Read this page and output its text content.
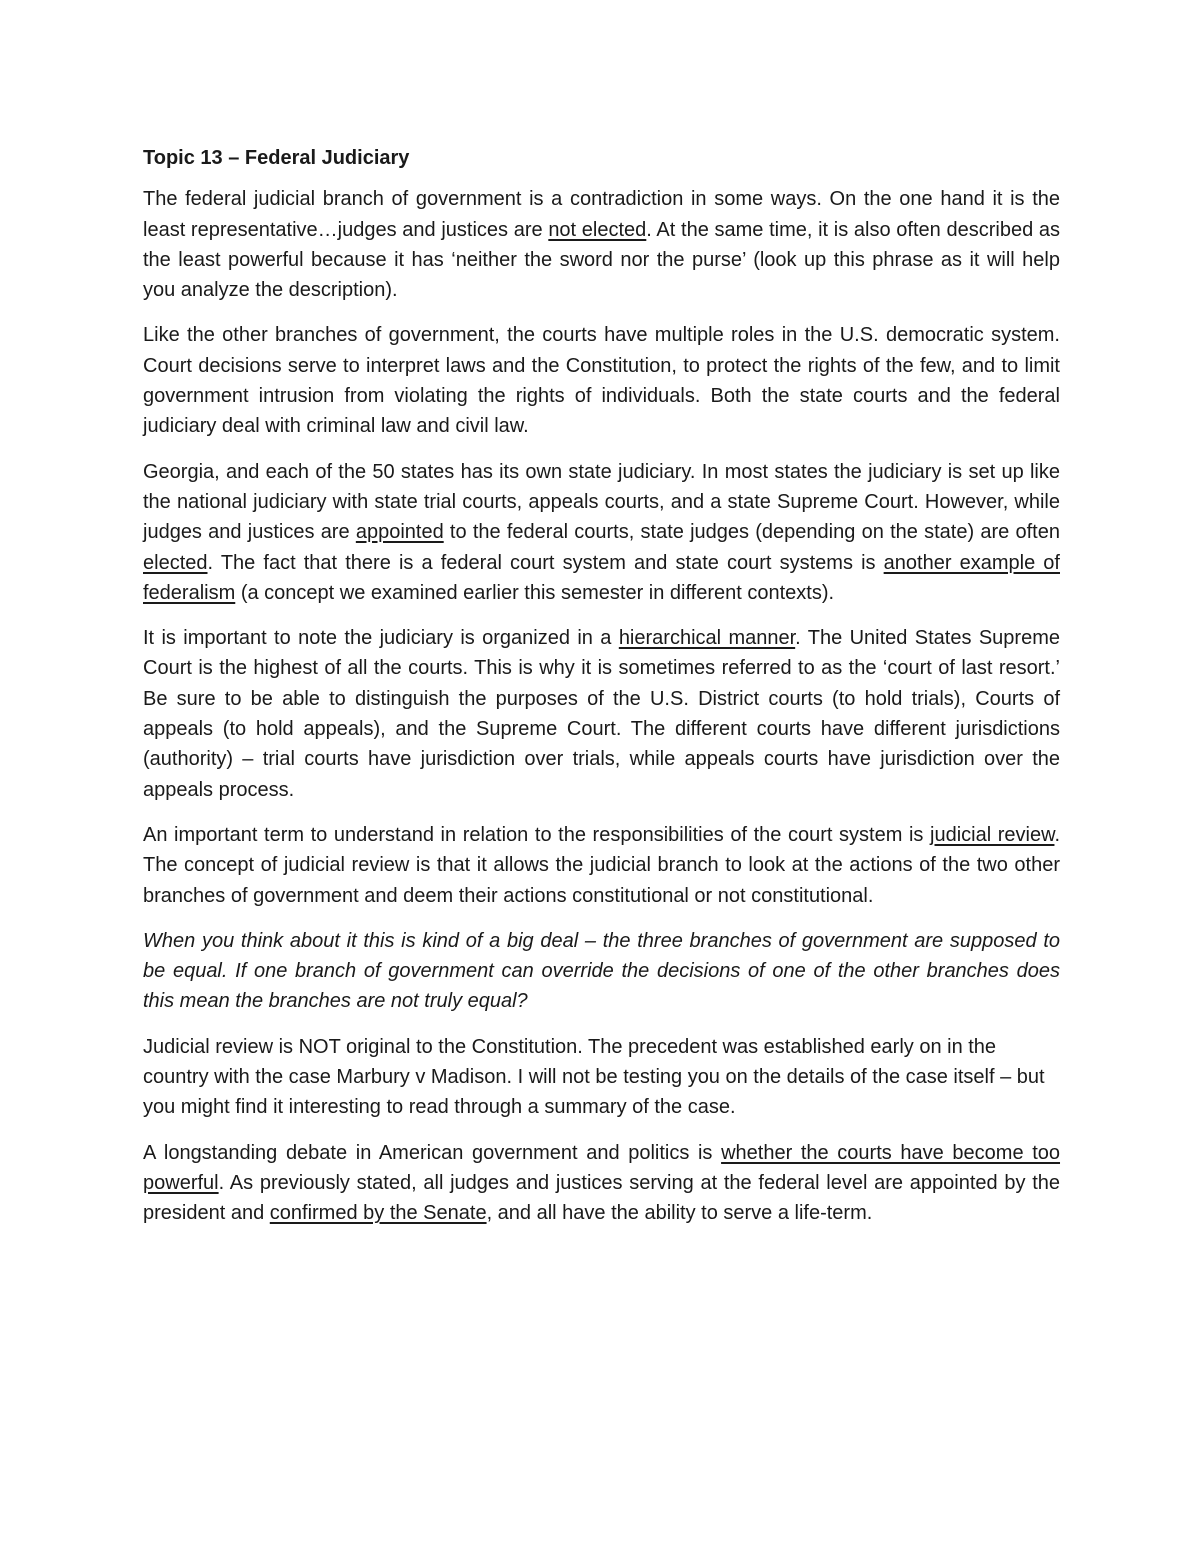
Topic 13 – Federal Judiciary

The federal judicial branch of government is a contradiction in some ways. On the one hand it is the least representative…judges and justices are not elected. At the same time, it is also often described as the least powerful because it has ‘neither the sword nor the purse’ (look up this phrase as it will help you analyze the description).

Like the other branches of government, the courts have multiple roles in the U.S. democratic system. Court decisions serve to interpret laws and the Constitution, to protect the rights of the few, and to limit government intrusion from violating the rights of individuals. Both the state courts and the federal judiciary deal with criminal law and civil law.

Georgia, and each of the 50 states has its own state judiciary. In most states the judiciary is set up like the national judiciary with state trial courts, appeals courts, and a state Supreme Court. However, while judges and justices are appointed to the federal courts, state judges (depending on the state) are often elected. The fact that there is a federal court system and state court systems is another example of federalism (a concept we examined earlier this semester in different contexts).

It is important to note the judiciary is organized in a hierarchical manner. The United States Supreme Court is the highest of all the courts. This is why it is sometimes referred to as the ‘court of last resort.’ Be sure to be able to distinguish the purposes of the U.S. District courts (to hold trials), Courts of appeals (to hold appeals), and the Supreme Court. The different courts have different jurisdictions (authority) – trial courts have jurisdiction over trials, while appeals courts have jurisdiction over the appeals process.

An important term to understand in relation to the responsibilities of the court system is judicial review. The concept of judicial review is that it allows the judicial branch to look at the actions of the two other branches of government and deem their actions constitutional or not constitutional.

When you think about it this is kind of a big deal – the three branches of government are supposed to be equal. If one branch of government can override the decisions of one of the other branches does this mean the branches are not truly equal?

Judicial review is NOT original to the Constitution. The precedent was established early on in the country with the case Marbury v Madison. I will not be testing you on the details of the case itself – but you might find it interesting to read through a summary of the case.

A longstanding debate in American government and politics is whether the courts have become too powerful. As previously stated, all judges and justices serving at the federal level are appointed by the president and confirmed by the Senate, and all have the ability to serve a life-term.
